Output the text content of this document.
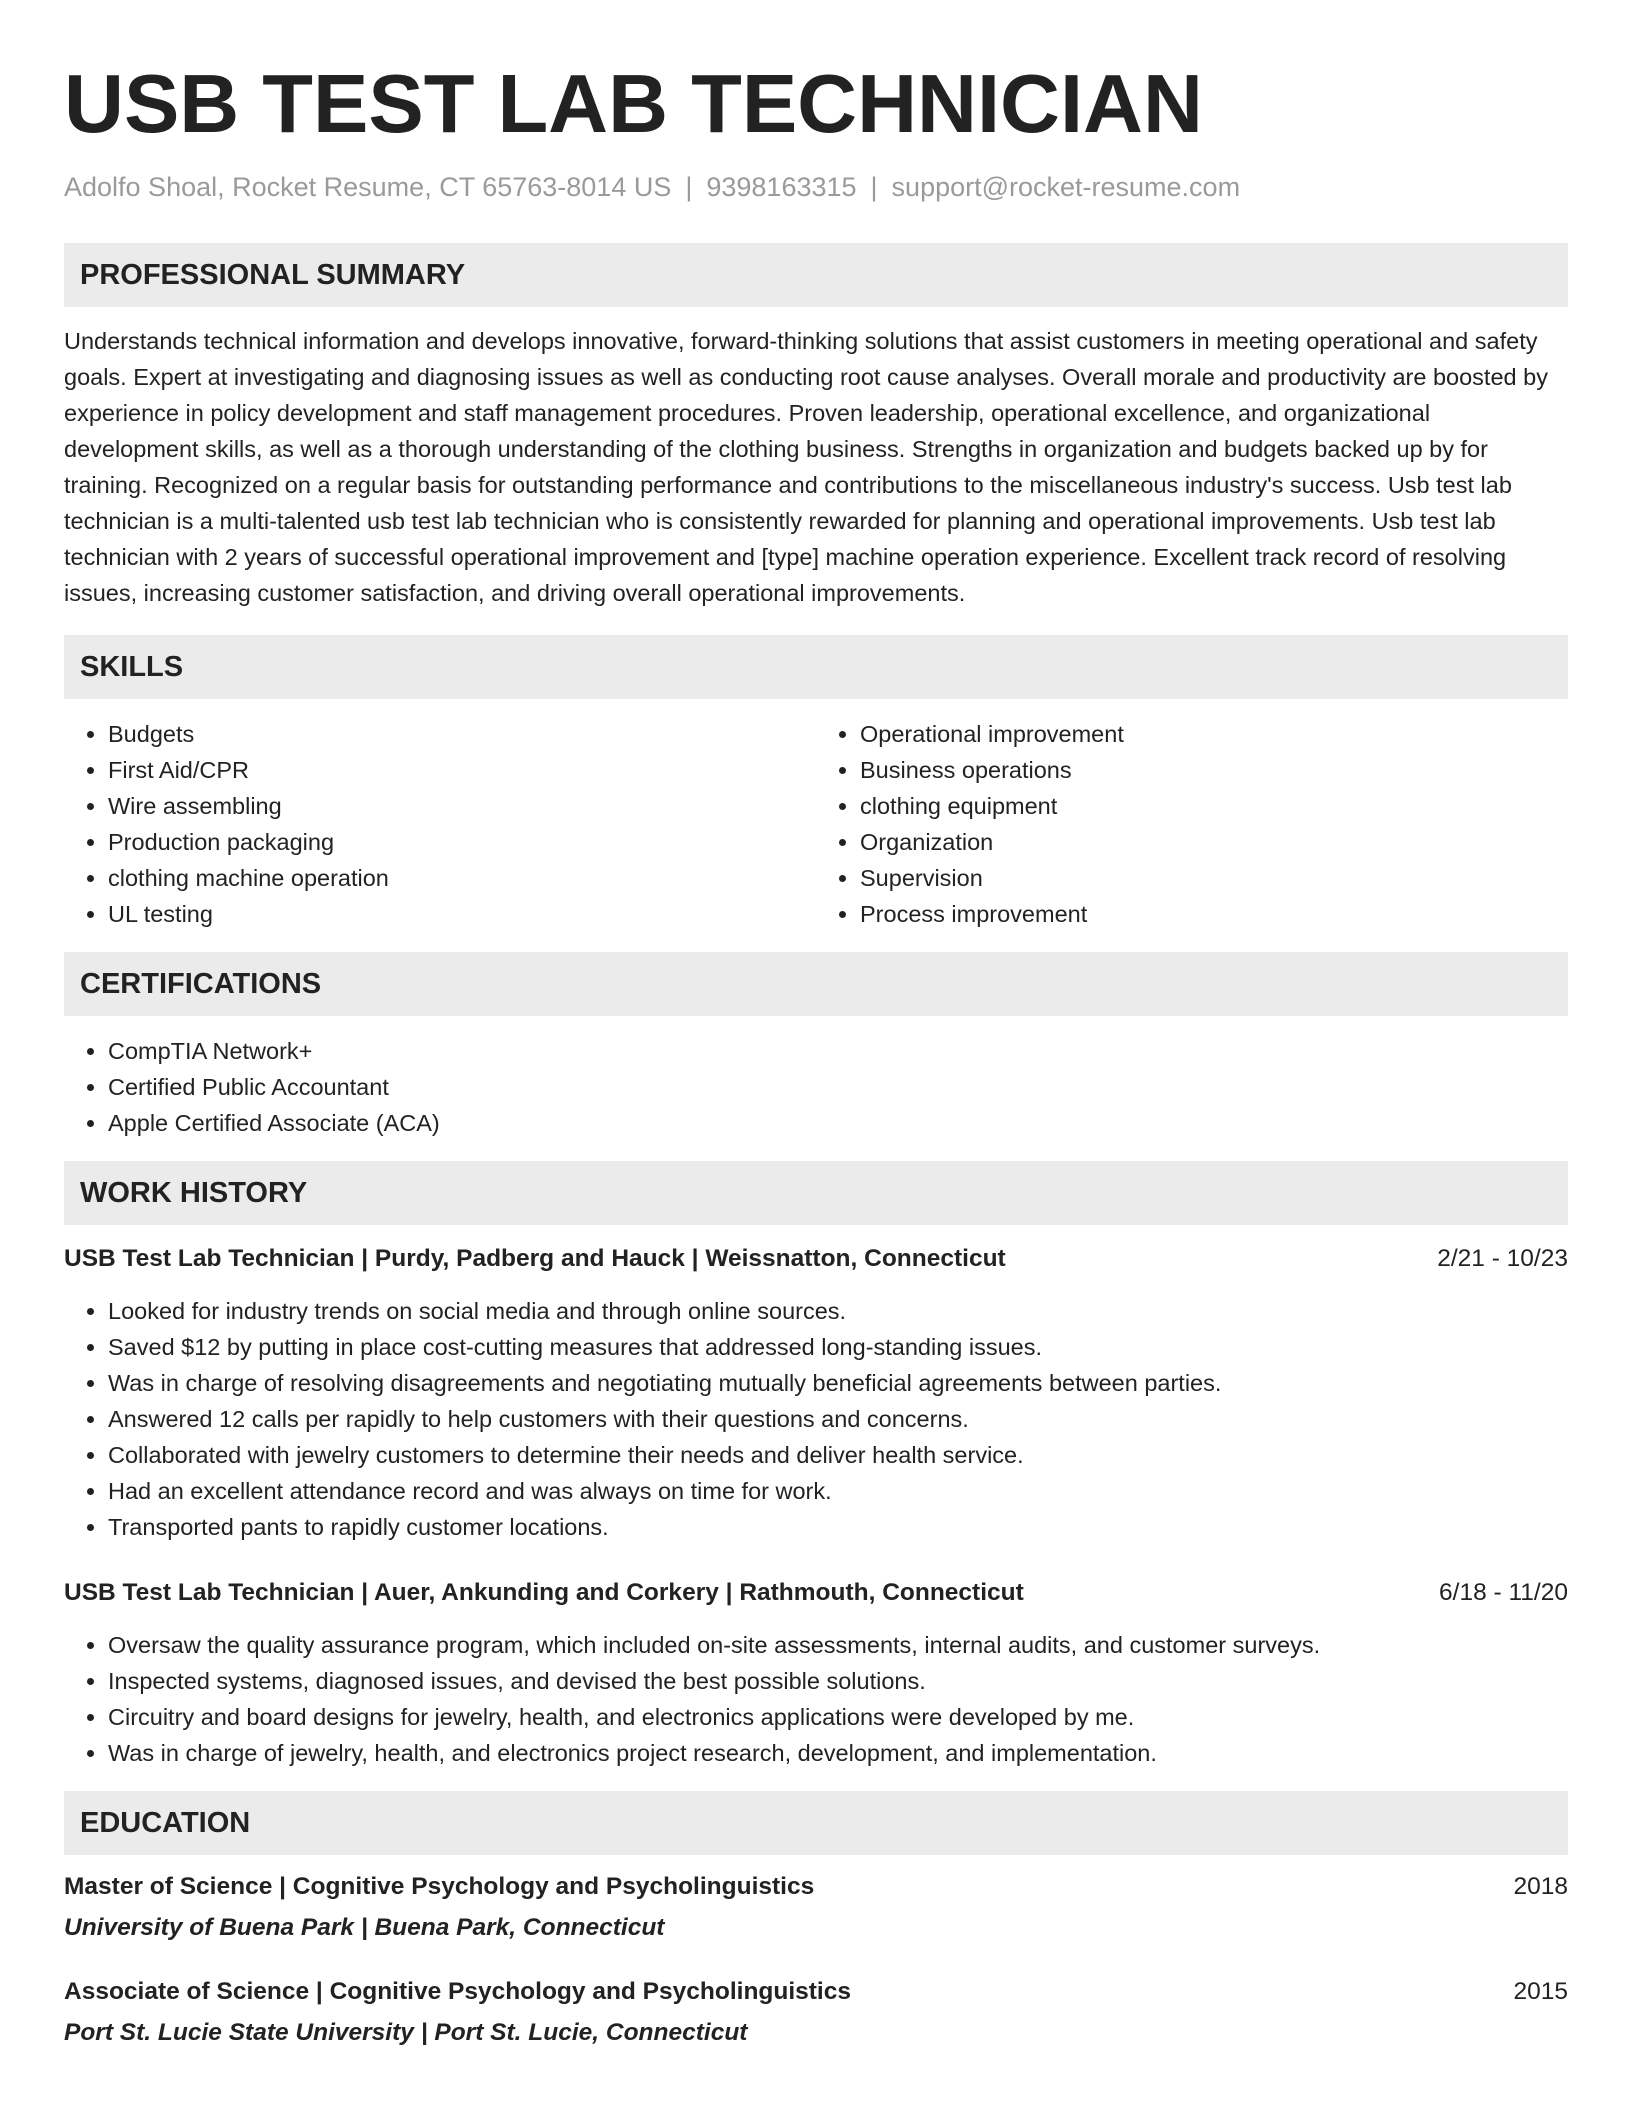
USB TEST LAB TECHNICIAN
Adolfo Shoal, Rocket Resume, CT 65763-8014 US | 9398163315 | support@rocket-resume.com
PROFESSIONAL SUMMARY

Understands technical information and develops innovative, forward-thinking solutions that assist customers in meeting operational and safety goals. Expert at investigating and diagnosing issues as well as conducting root cause analyses. Overall morale and productivity are boosted by experience in policy development and staff management procedures. Proven leadership, operational excellence, and organizational development skills, as well as a thorough understanding of the clothing business. Strengths in organization and budgets backed up by for training. Recognized on a regular basis for outstanding performance and contributions to the miscellaneous industry's success. Usb test lab technician is a multi-talented usb test lab technician who is consistently rewarded for planning and operational improvements. Usb test lab technician with 2 years of successful operational improvement and [type] machine operation experience. Excellent track record of resolving issues, increasing customer satisfaction, and driving overall operational improvements.

SKILLS
• Budgets
• First Aid/CPR
• Wire assembling
• Production packaging
• clothing machine operation
• UL testing
• Operational improvement
• Business operations
• clothing equipment
• Organization
• Supervision
• Process improvement
CERTIFICATIONS
• CompTIA Network+
• Certified Public Accountant
• Apple Certified Associate (ACA)
WORK HISTORY
USB Test Lab Technician | Purdy, Padberg and Hauck | Weissnatton, Connecticut	2/21 - 10/23
• Looked for industry trends on social media and through online sources.
• Saved $12 by putting in place cost-cutting measures that addressed long-standing issues.
• Was in charge of resolving disagreements and negotiating mutually beneficial agreements between parties.
• Answered 12 calls per rapidly to help customers with their questions and concerns.
• Collaborated with jewelry customers to determine their needs and deliver health service.
• Had an excellent attendance record and was always on time for work.
• Transported pants to rapidly customer locations.
USB Test Lab Technician | Auer, Ankunding and Corkery | Rathmouth, Connecticut	6/18 - 11/20
• Oversaw the quality assurance program, which included on-site assessments, internal audits, and customer surveys.
• Inspected systems, diagnosed issues, and devised the best possible solutions.
• Circuitry and board designs for jewelry, health, and electronics applications were developed by me.
• Was in charge of jewelry, health, and electronics project research, development, and implementation.
EDUCATION
Master of Science | Cognitive Psychology and Psycholinguistics	2018
University of Buena Park | Buena Park, Connecticut
Associate of Science | Cognitive Psychology and Psycholinguistics	2015
Port St. Lucie State University | Port St. Lucie, Connecticut
